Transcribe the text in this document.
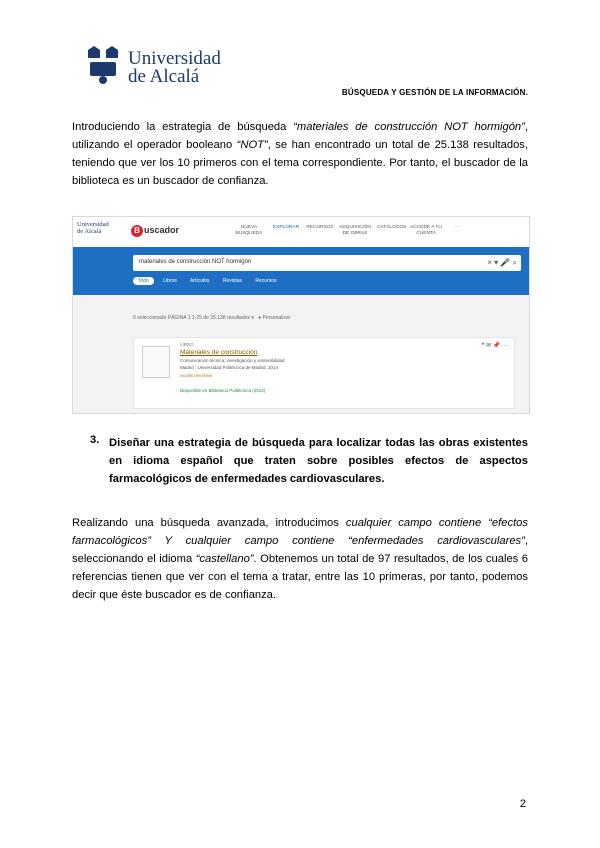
Universidad
de Alcalá
BÚSQUEDA Y GESTIÓN DE LA INFORMACIÓN.

Introduciendo la estrategia de búsqueda “materiales de construcción NOT hormigón”, utilizando el operador booleano “NOT”, se han encontrado un total de 25.138 resultados, teniendo que ver los 10 primeros con el tema correspondiente. Por tanto, el buscador de la biblioteca es un buscador de confianza.

Universidad
de Alcalá	B uscador	NUEVA BÚSQUEDA
EXPLORAR	RECURSOS	ADQUISICIÓN DE OBRAS
CATÁLOGOS ACCEDE A TU CUENTA
···
materiales de construcción NOT hormigón	× ▾ 🎤 ⌕
Todo	Libros	Artículos	Revistas	Recursos
0 seleccionado PÁGINA 1 1-25 de 25.138 resultados ▾   ● Personalizar
LIBRO
Materiales de construcción
Comunicación técnica, investigación y sostenibilidad
Madrid : Universidad Politécnica de Madrid, 2014
Acceso en línea
Disponible en Biblioteca Politécnica (2014)
❝ ✉ 📌 ···
3. Diseñar una estrategia de búsqueda para localizar todas las obras existentes en idioma español que traten sobre posibles efectos de aspectos farmacológicos de enfermedades cardiovasculares.

Realizando una búsqueda avanzada, introducimos cualquier campo contiene “efectos farmacológicos” Y cualquier campo contiene “enfermedades cardiovasculares”, seleccionando el idioma “castellano”. Obtenemos un total de 97 resultados, de los cuales 6 referencias tienen que ver con el tema a tratar, entre las 10 primeras, por tanto, podemos decir que éste buscador es de confianza.

2
